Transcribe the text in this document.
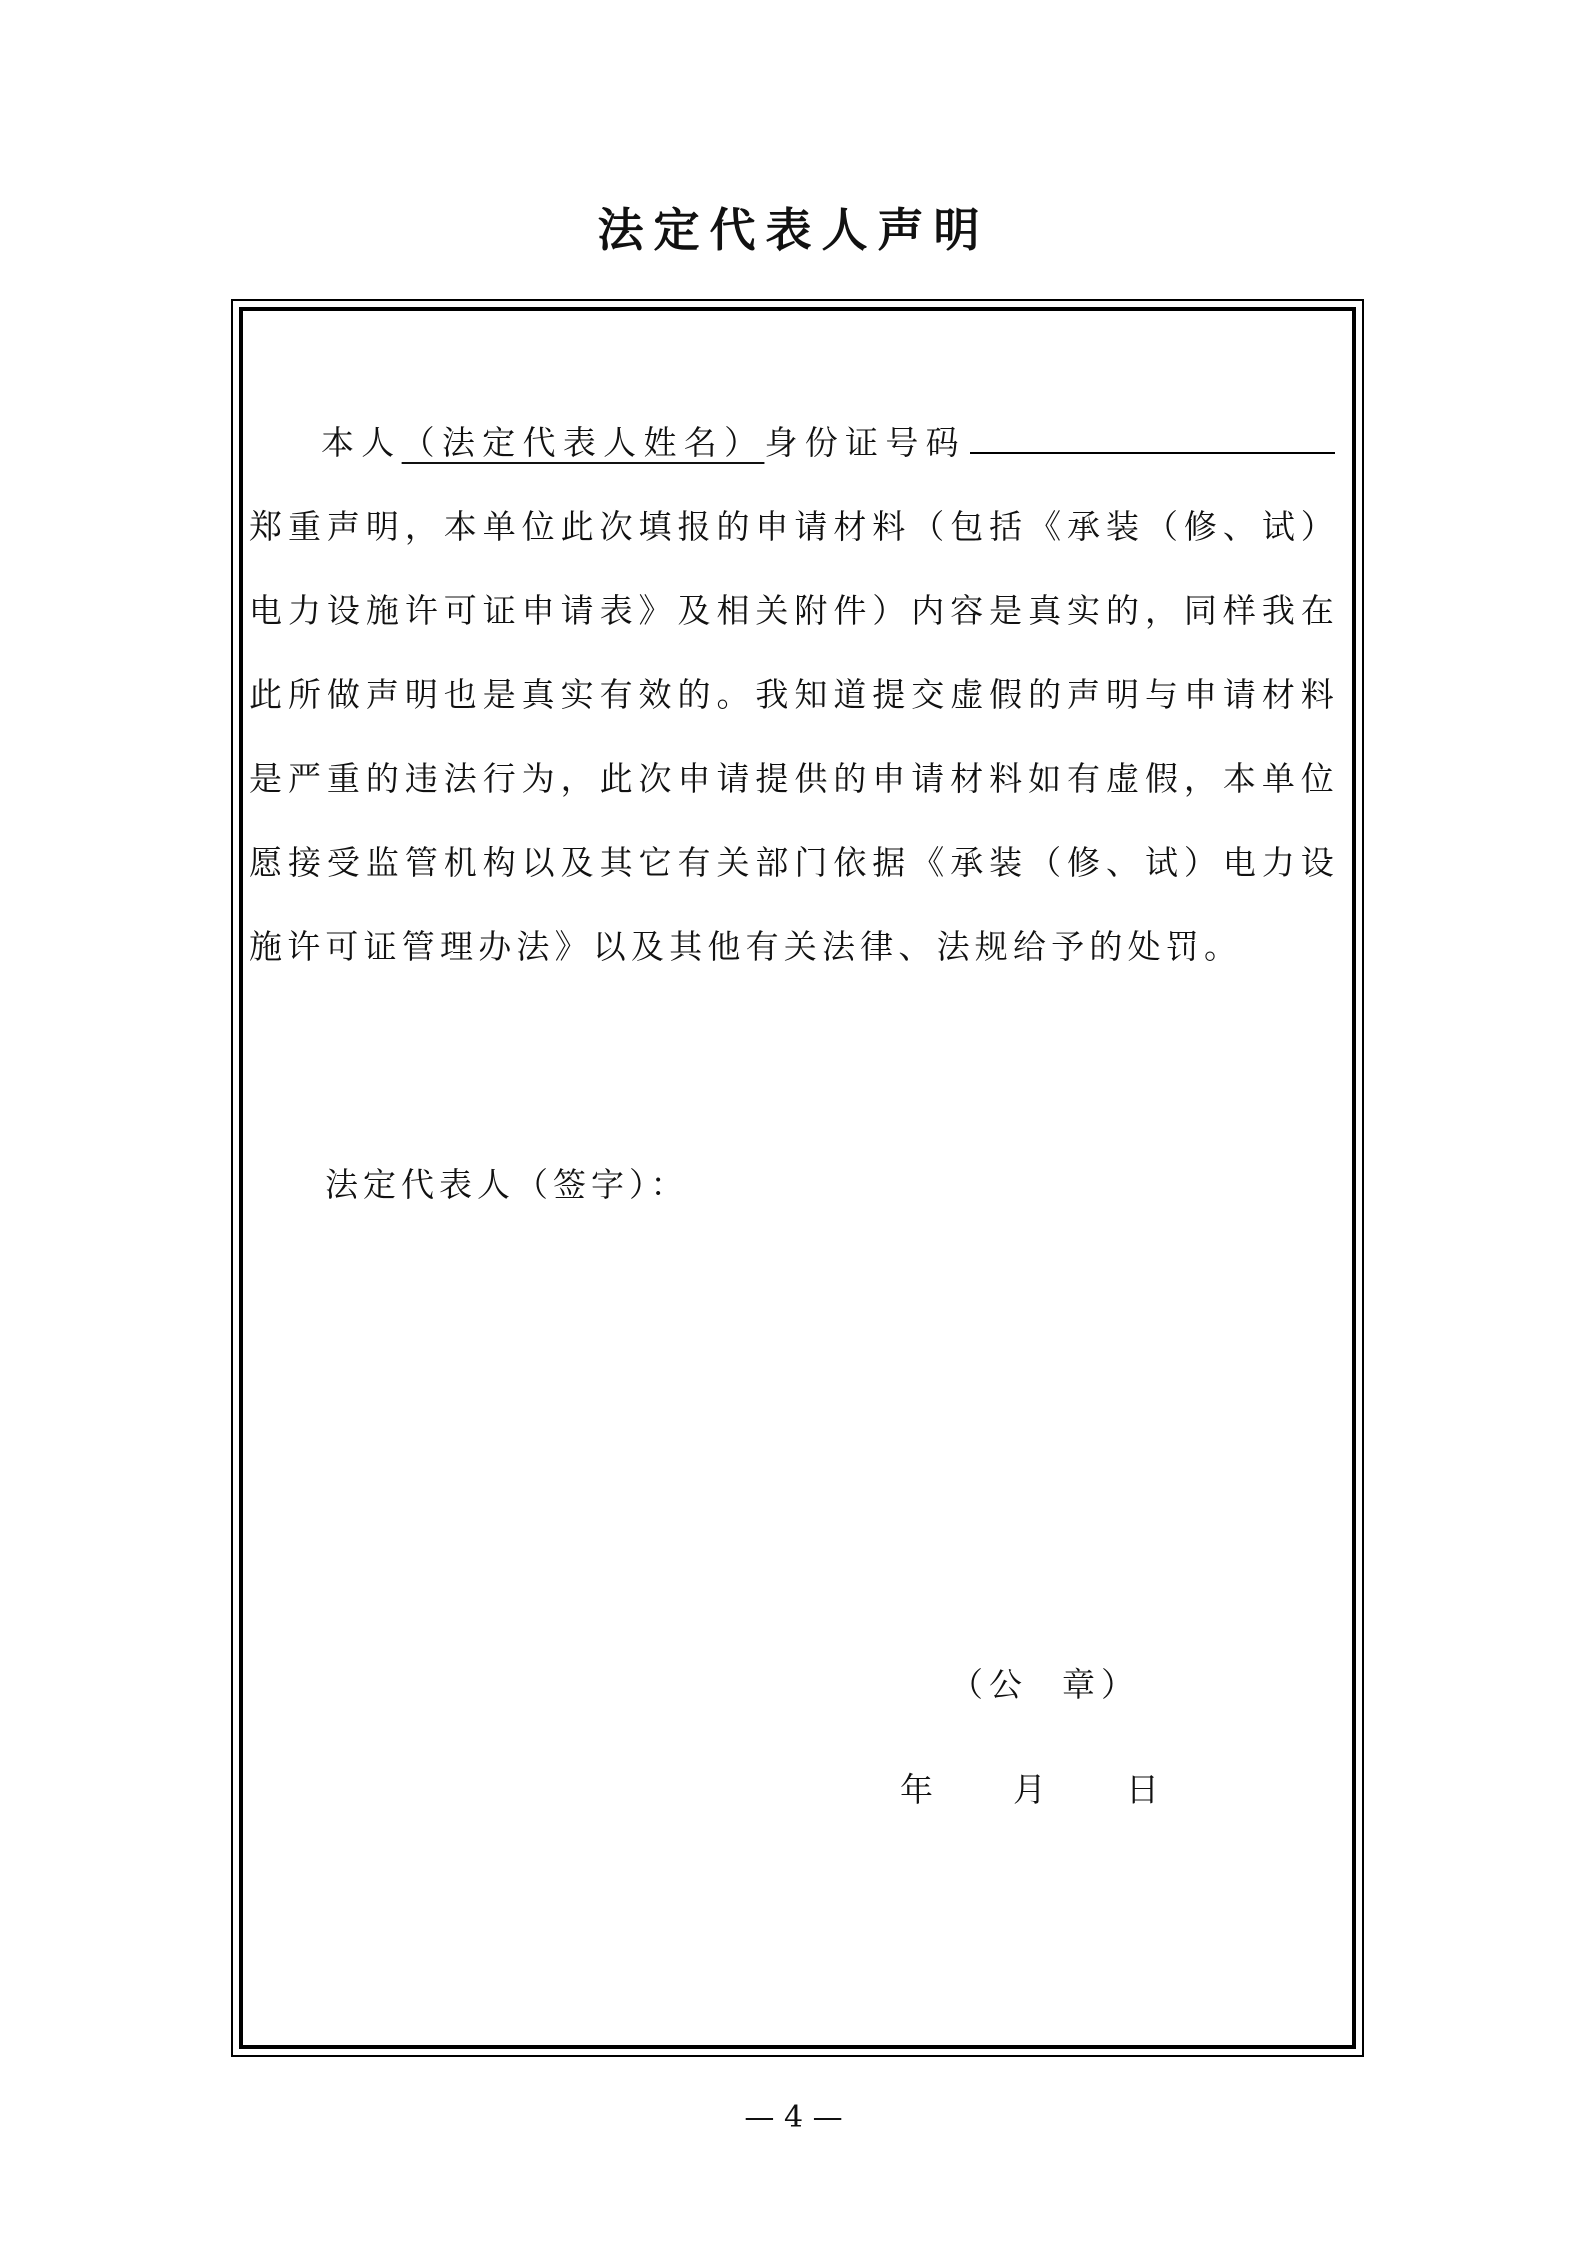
法定代表人声明
本人（法定代表人姓名）身份证号码郑重声明，本单位此次填报的申请材料（包括《承装（修、试）电力设施许可证申请表》及相关附件）内容是真实的，同样我在此所做声明也是真实有效的。我知道提交虚假的声明与申请材料是严重的违法行为，此次申请提供的申请材料如有虚假，本单位愿接受监管机构以及其它有关部门依据《承装（修、试）电力设施许可证管理办法》以及其他有关法律、法规给予的处罚。
法定代表人（签字）：
（ 公 章 ）
年 月 日
— 4 —
